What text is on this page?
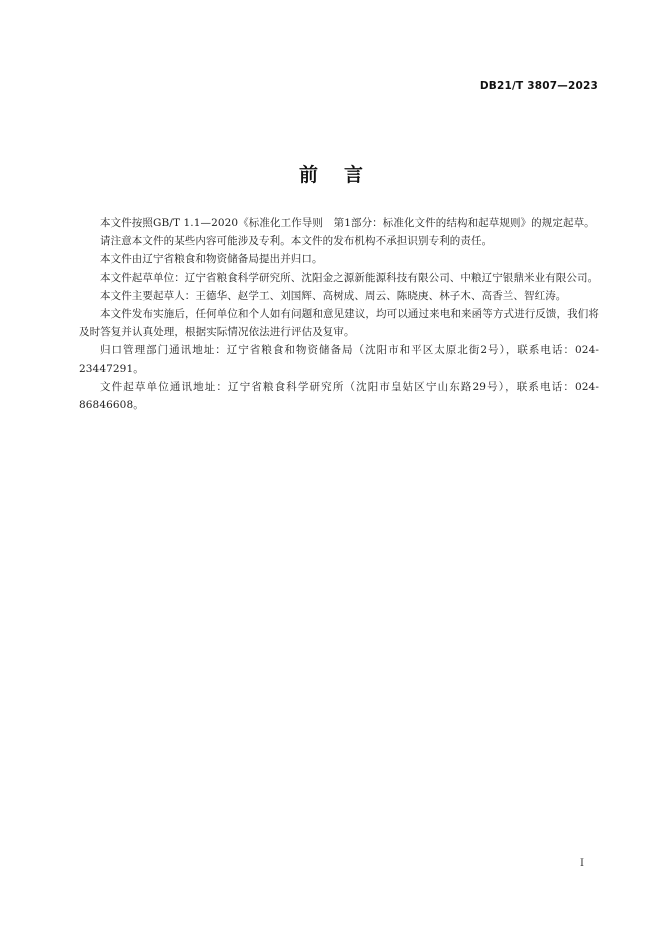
DB21/T 3807—2023
前言

本文件按照GB/T 1.1—2020《标准化工作导则　第1部分：标准化文件的结构和起草规则》的规定起草。

请注意本文件的某些内容可能涉及专利。本文件的发布机构不承担识别专利的责任。

本文件由辽宁省粮食和物资储备局提出并归口。

本文件起草单位：辽宁省粮食科学研究所、沈阳金之源新能源科技有限公司、中粮辽宁银鼎米业有限公司。

本文件主要起草人：王德华、赵学工、刘国辉、高树成、周云、陈晓庚、林子木、高香兰、智红涛。

本文件发布实施后，任何单位和个人如有问题和意见建议，均可以通过来电和来函等方式进行反馈，我们将及时答复并认真处理，根据实际情况依法进行评估及复审。

归口管理部门通讯地址：辽宁省粮食和物资储备局（沈阳市和平区太原北街2号），联系电话：024-23447291。

文件起草单位通讯地址：辽宁省粮食科学研究所（沈阳市皇姑区宁山东路29号），联系电话：024-86846608。

I
